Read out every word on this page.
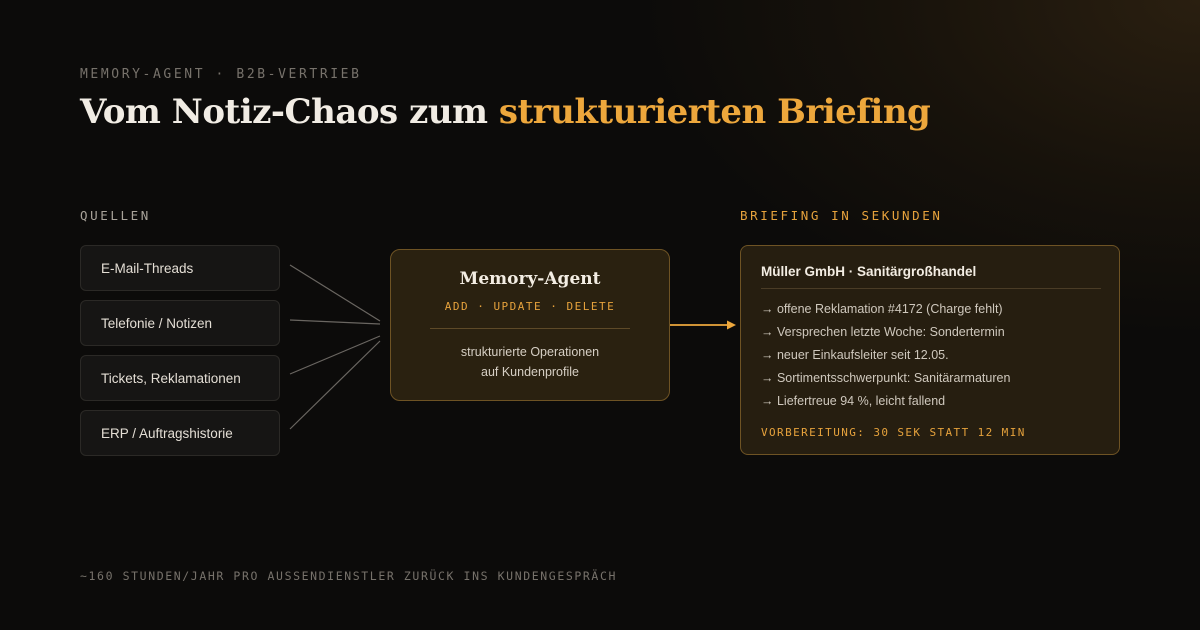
MEMORY-AGENT · B2B-VERTRIEB
Vom Notiz-Chaos zum strukturierten Briefing
QUELLEN	BRIEFING IN SEKUNDEN
E-Mail-Threads
Telefonie / Notizen
Tickets, Reklamationen
ERP / Auftragshistorie
Memory-Agent
ADD · UPDATE · DELETE
strukturierte Operationen
auf Kundenprofile
Müller GmbH · Sanitärgroßhandel
→ offene Reklamation #4172 (Charge fehlt)
→ Versprechen letzte Woche: Sondertermin
→ neuer Einkaufsleiter seit 12.05.
→ Sortimentsschwerpunkt: Sanitärarmaturen
→ Liefertreue 94 %, leicht fallend
VORBEREITUNG: 30 SEK STATT 12 MIN
~160 STUNDEN/JAHR PRO AUSSENDIENSTLER ZURÜCK INS KUNDENGESPRÄCH
